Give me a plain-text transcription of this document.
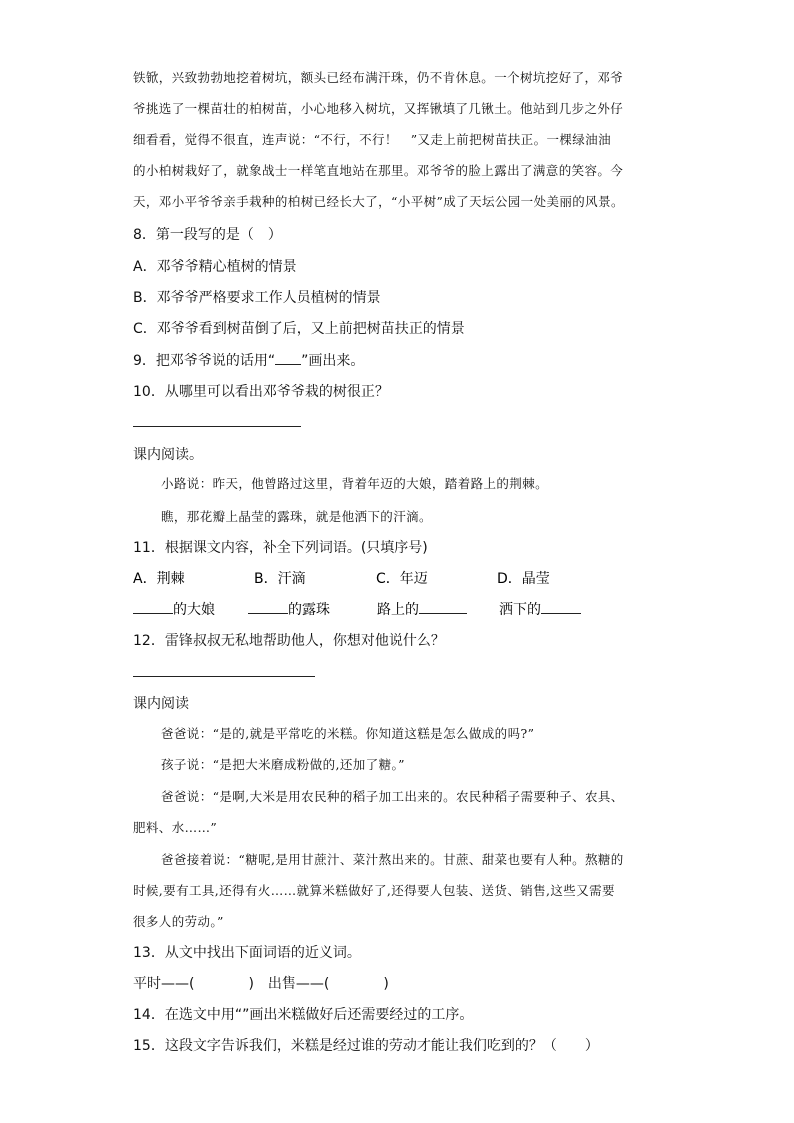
铁锨，兴致勃勃地挖着树坑，额头已经布满汗珠，仍不肯休息。一个树坑挖好了，邓爷
爷挑选了一棵苗壮的柏树苗，小心地移入树坑，又挥锹填了几锹土。他站到几步之外仔
细看看，觉得不很直，连声说：“不行，不行！　”又走上前把树苗扶正。一棵绿油油
的小柏树栽好了，就象战士一样笔直地站在那里。邓爷爷的脸上露出了满意的笑容。今
天，邓小平爷爷亲手栽种的柏树已经长大了，“小平树”成了天坛公园一处美丽的风景。
8．第一段写的是（　）
A．邓爷爷精心植树的情景
B．邓爷爷严格要求工作人员植树的情景
C．邓爷爷看到树苗倒了后，又上前把树苗扶正的情景
9．把邓爷爷说的话用“ ”画出来。
10．从哪里可以看出邓爷爷栽的树很正？
课内阅读。
小路说：昨天，他曾路过这里，背着年迈的大娘，踏着路上的荆棘。
瞧，那花瓣上晶莹的露珠，就是他洒下的汗滴。
11．根据课文内容，补全下列词语。(只填序号)
A．荆棘	B．汗滴	C．年迈	D．晶莹
的大娘	的露珠	路上的	洒下的
12．雷锋叔叔无私地帮助他人，你想对他说什么？
课内阅读
爸爸说：“是的,就是平常吃的米糕。你知道这糕是怎么做成的吗?”
孩子说：“是把大米磨成粉做的,还加了糖。”
爸爸说：“是啊,大米是用农民种的稻子加工出来的。农民种稻子需要种子、农具、
肥料、水……”
爸爸接着说：“糖呢,是用甘蔗汁、菜汁熬出来的。甘蔗、甜菜也要有人种。熬糖的
时候,要有工具,还得有火……就算米糕做好了,还得要人包装、送货、销售,这些又需要
很多人的劳动。”
13．从文中找出下面词语的近义词。
平时——(	)　出售——(	)
14．在选文中用“”画出米糕做好后还需要经过的工序。
15．这段文字告诉我们，米糕是经过谁的劳动才能让我们吃到的？（　　）
